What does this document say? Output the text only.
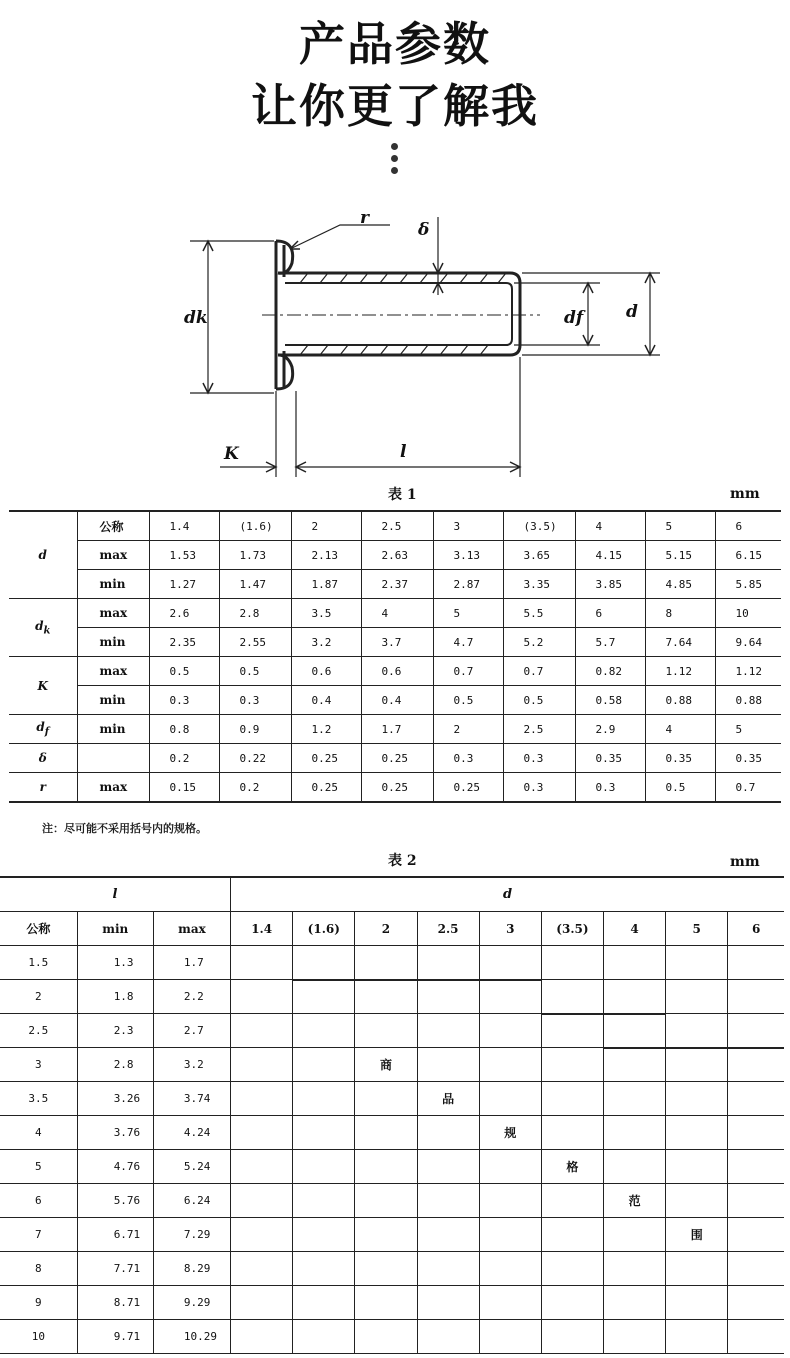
产品参数
让你更了解我
r
δ
dk	df	d
K	l
表 1	mm
d	公称	1.4	(1.6)	2	2.5	3	(3.5)	4	5	6
	max	1.53	1.73	2.13	2.63	3.13	3.65	4.15	5.15	6.15
	min	1.27	1.47	1.87	2.37	2.87	3.35	3.85	4.85	5.85
$d_k$	max	2.6	2.8	3.5	4	5	5.5	6	8	10
	min	2.35	2.55	3.2	3.7	4.7	5.2	5.7	7.64	9.64
K	max	0.5	0.5	0.6	0.6	0.7	0.7	0.82	1.12	1.12
	min	0.3	0.3	0.4	0.4	0.5	0.5	0.58	0.88	0.88
$d_f$	min	0.8	0.9	1.2	1.7	2	2.5	2.9	4	5
δ		0.2	0.22	0.25	0.25	0.3	0.3	0.35	0.35	0.35
r	max	0.15	0.2	0.25	0.25	0.25	0.3	0.3	0.5	0.7
注：尽可能不采用括号内的规格。
表 2	mm
l			d								
公称	min	max	1.4	(1.6)	2	2.5	3	(3.5)	4	5	6
1.5	1.3	1.7									
2	1.8	2.2									
2.5	2.3	2.7									
3	2.8	3.2			商						
3.5	3.26	3.74				品					
4	3.76	4.24					规				
5	4.76	5.24						格			
6	5.76	6.24							范		
7	6.71	7.29								围	
8	7.71	8.29									
9	8.71	9.29									
10	9.71	10.29									
